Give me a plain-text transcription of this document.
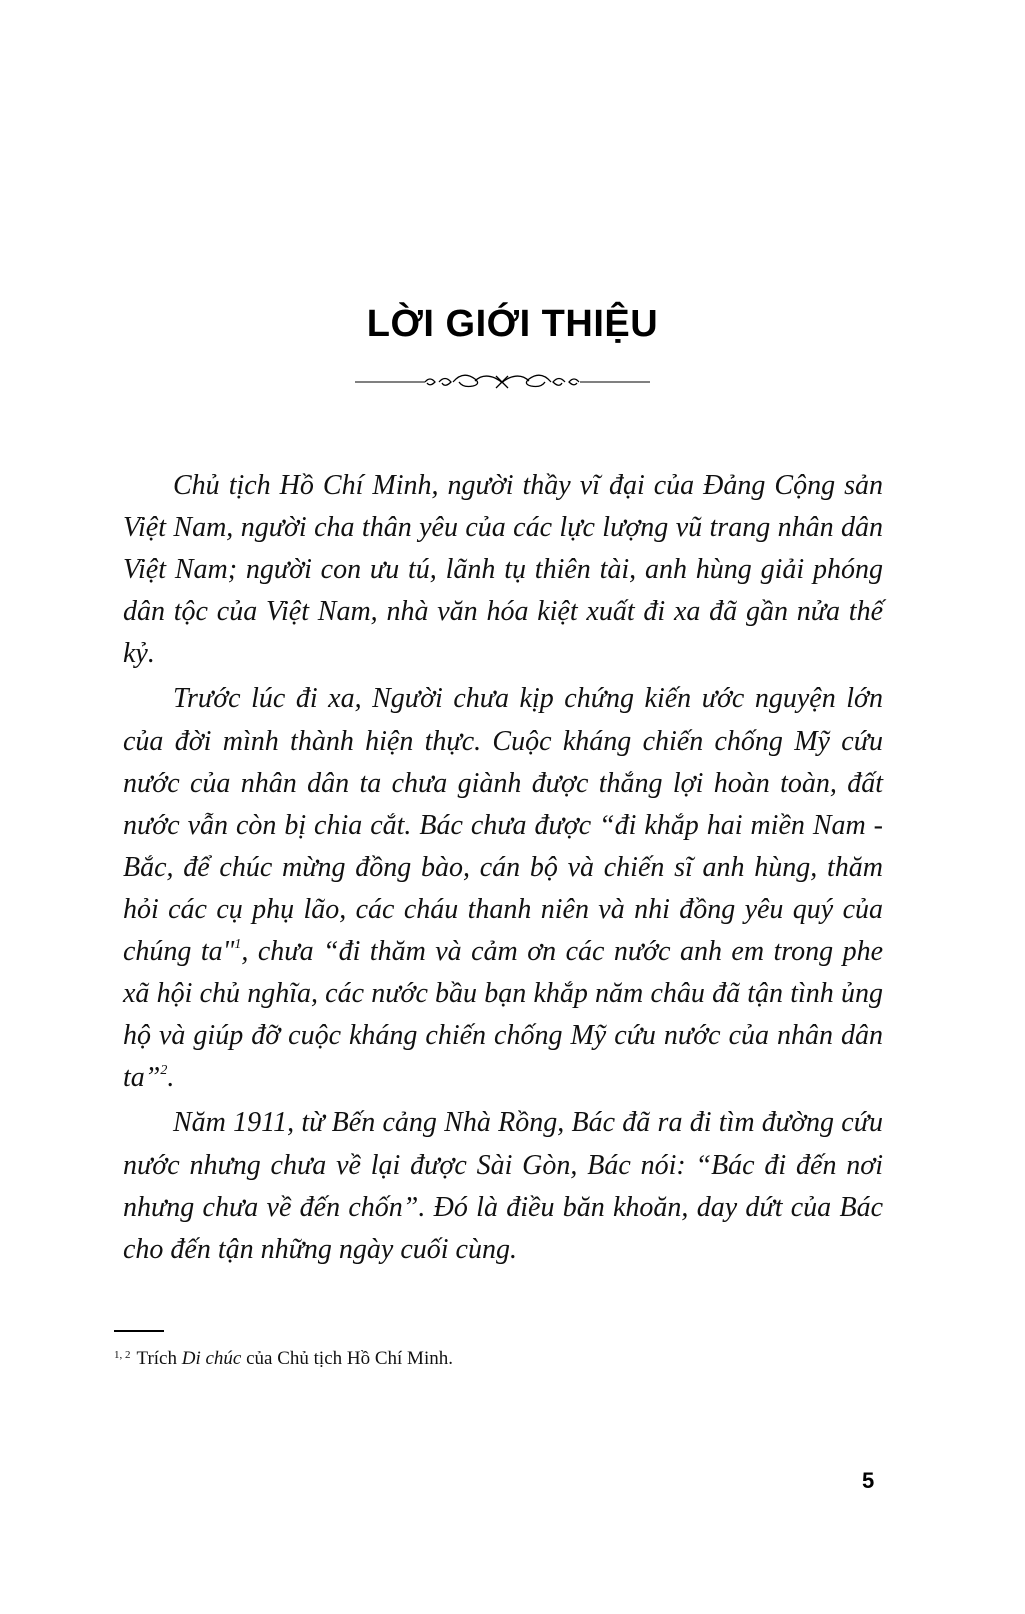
LỜI GIỚI THIỆU

Chủ tịch Hồ Chí Minh, người thầy vĩ đại của Đảng Cộng sản Việt Nam, người cha thân yêu của các lực lượng vũ trang nhân dân Việt Nam; người con ưu tú, lãnh tụ thiên tài, anh hùng giải phóng dân tộc của Việt Nam, nhà văn hóa kiệt xuất đi xa đã gần nửa thế kỷ.

Trước lúc đi xa, Người chưa kịp chứng kiến ước nguyện lớn của đời mình thành hiện thực. Cuộc kháng chiến chống Mỹ cứu nước của nhân dân ta chưa giành được thắng lợi hoàn toàn, đất nước vẫn còn bị chia cắt. Bác chưa được “đi khắp hai miền Nam - Bắc, để chúc mừng đồng bào, cán bộ và chiến sĩ anh hùng, thăm hỏi các cụ phụ lão, các cháu thanh niên và nhi đồng yêu quý của chúng ta"$^1$, chưa “đi thăm và cảm ơn các nước anh em trong phe xã hội chủ nghĩa, các nước bầu bạn khắp năm châu đã tận tình ủng hộ và giúp đỡ cuộc kháng chiến chống Mỹ cứu nước của nhân dân ta”$^2$.

Năm 1911, từ Bến cảng Nhà Rồng, Bác đã ra đi tìm đường cứu nước nhưng chưa về lại được Sài Gòn, Bác nói: “Bác đi đến nơi nhưng chưa về đến chốn”. Đó là điều băn khoăn, day dứt của Bác cho đến tận những ngày cuối cùng.

$^{1, 2}$ Trích Di chúc của Chủ tịch Hồ Chí Minh.
5
